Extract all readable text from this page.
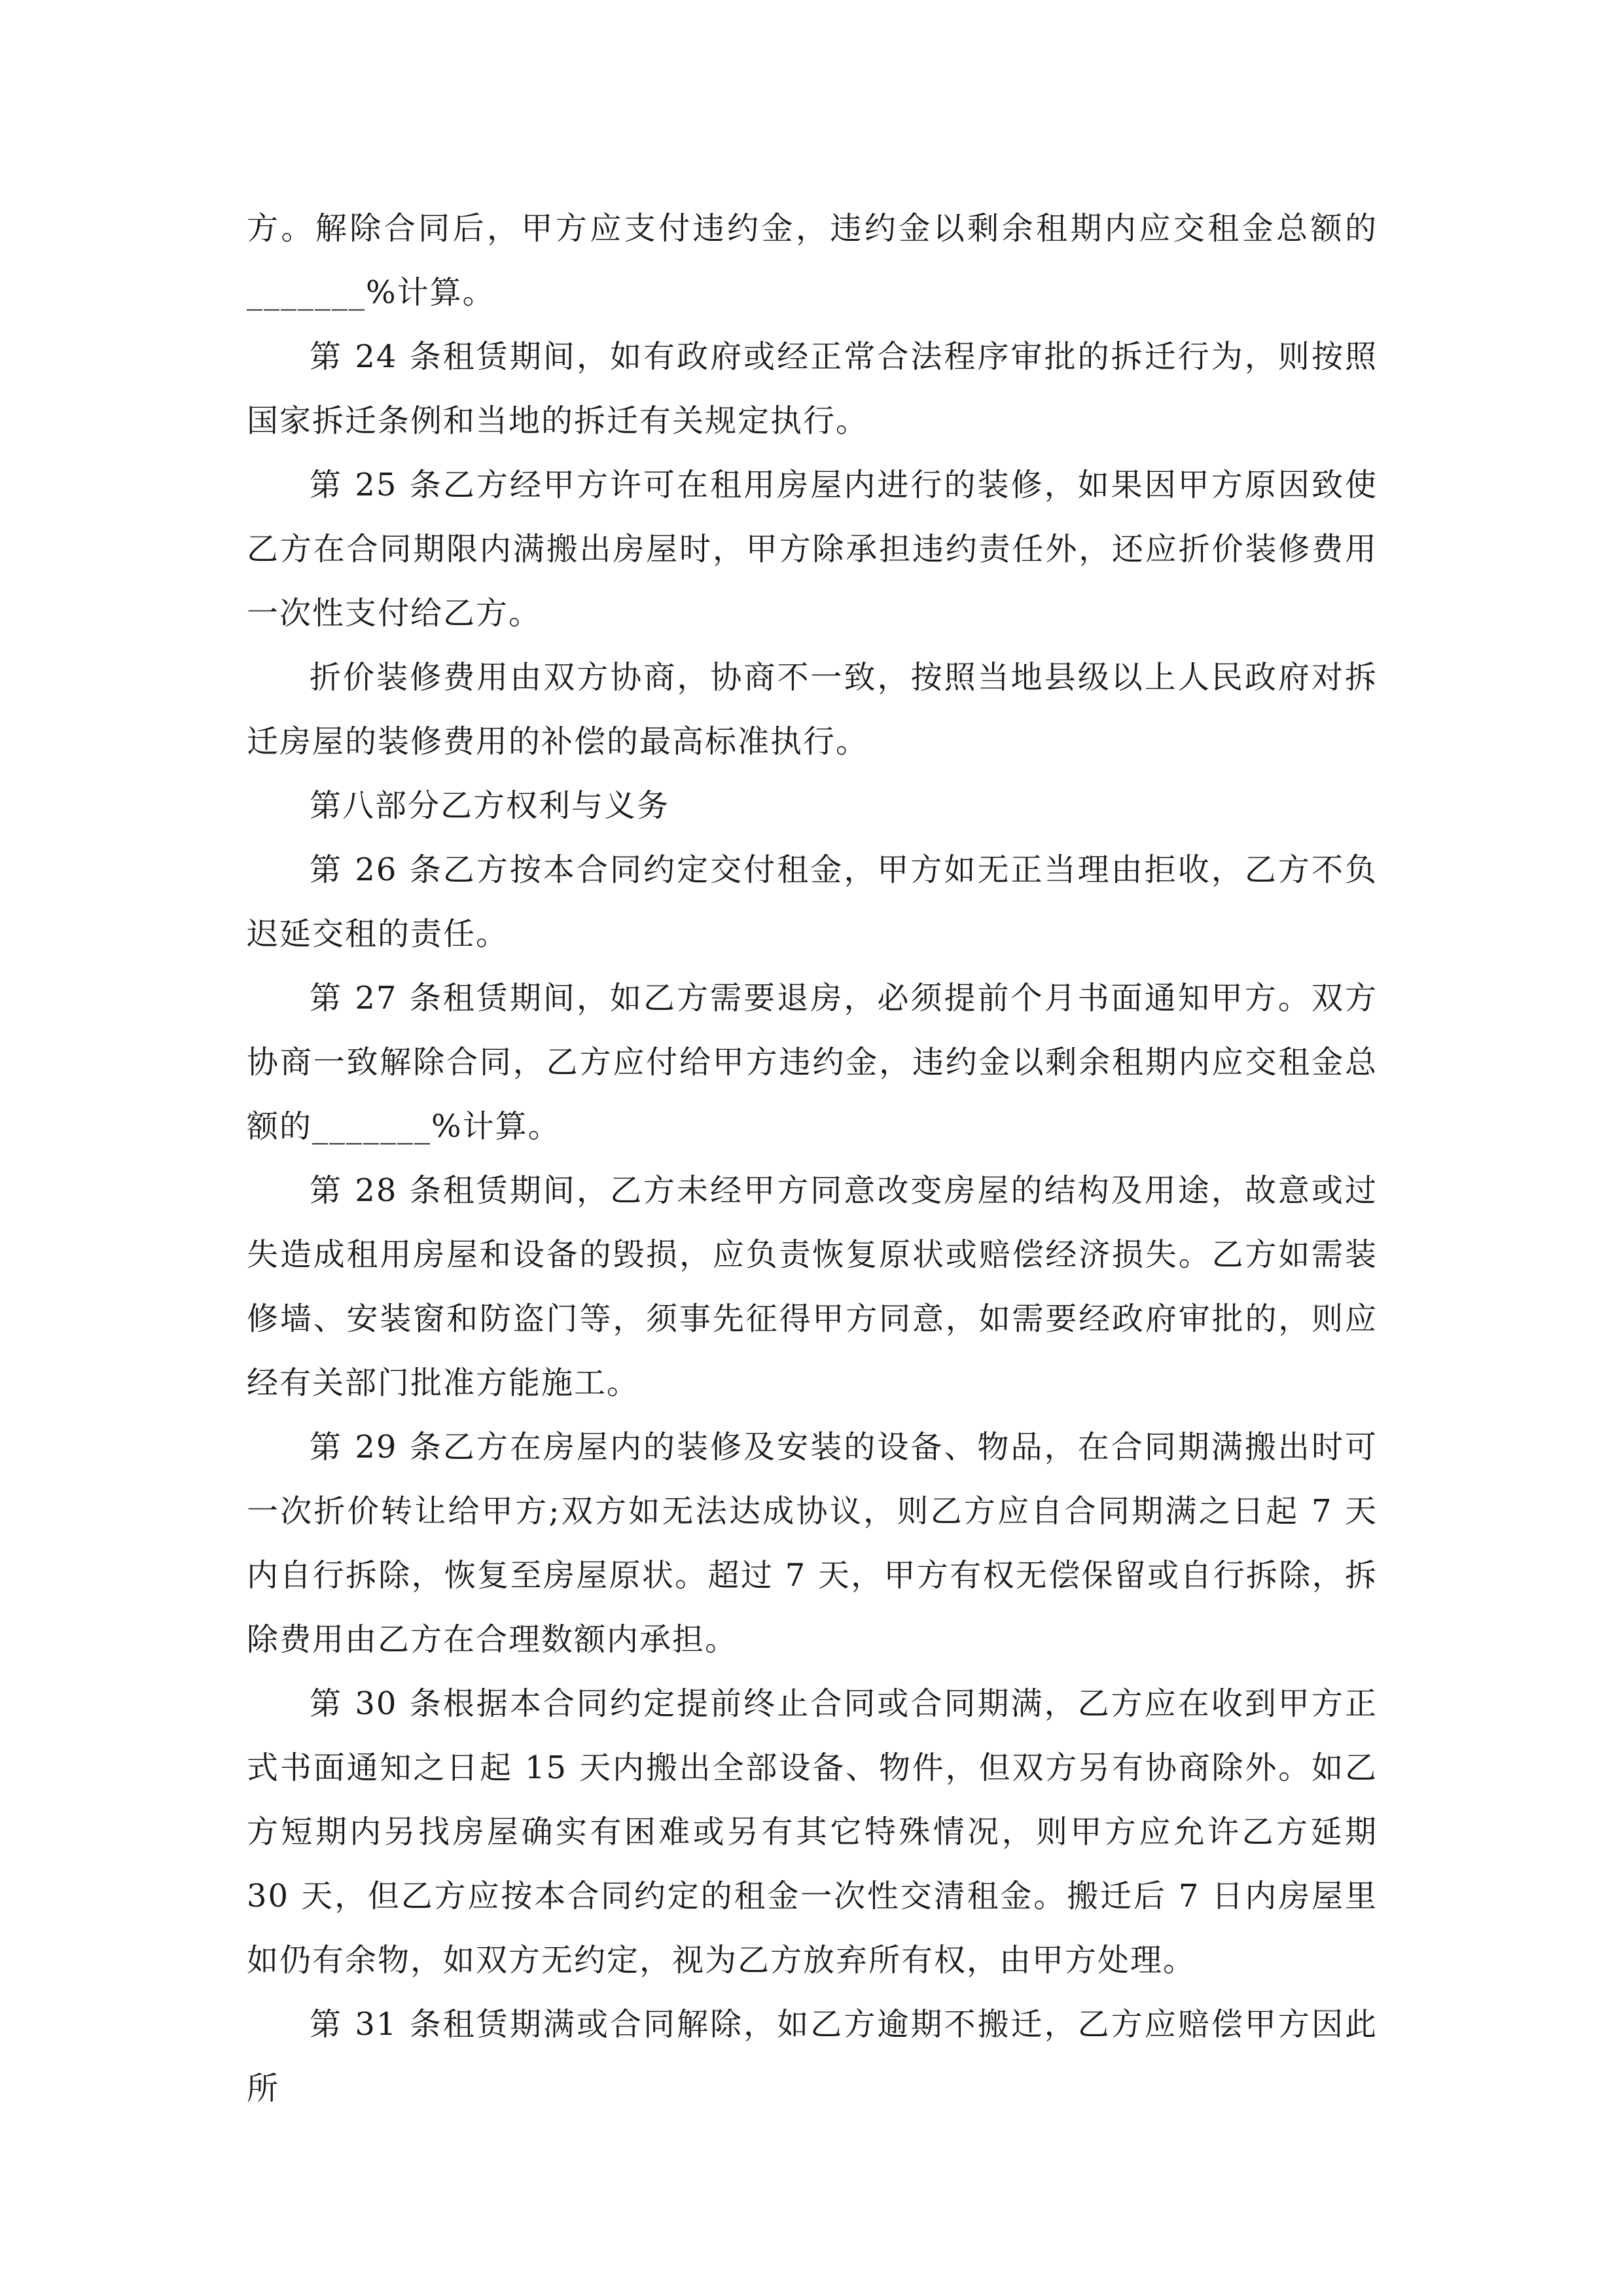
方。解除合同后，甲方应支付违约金，违约金以剩余租期内应交租金总额的_______%计算。

第 24 条租赁期间，如有政府或经正常合法程序审批的拆迁行为，则按照国家拆迁条例和当地的拆迁有关规定执行。

第 25 条乙方经甲方许可在租用房屋内进行的装修，如果因甲方原因致使乙方在合同期限内满搬出房屋时，甲方除承担违约责任外，还应折价装修费用一次性支付给乙方。

折价装修费用由双方协商，协商不一致，按照当地县级以上人民政府对拆迁房屋的装修费用的补偿的最高标准执行。

第八部分乙方权利与义务

第 26 条乙方按本合同约定交付租金，甲方如无正当理由拒收，乙方不负迟延交租的责任。

第 27 条租赁期间，如乙方需要退房，必须提前个月书面通知甲方。双方协商一致解除合同，乙方应付给甲方违约金，违约金以剩余租期内应交租金总额的_______%计算。

第 28 条租赁期间，乙方未经甲方同意改变房屋的结构及用途，故意或过失造成租用房屋和设备的毁损，应负责恢复原状或赔偿经济损失。乙方如需装修墙、安装窗和防盗门等，须事先征得甲方同意，如需要经政府审批的，则应经有关部门批准方能施工。

第 29 条乙方在房屋内的装修及安装的设备、物品，在合同期满搬出时可一次折价转让给甲方;双方如无法达成协议，则乙方应自合同期满之日起 7 天内自行拆除，恢复至房屋原状。超过 7 天，甲方有权无偿保留或自行拆除，拆除费用由乙方在合理数额内承担。

第 30 条根据本合同约定提前终止合同或合同期满，乙方应在收到甲方正式书面通知之日起 15 天内搬出全部设备、物件，但双方另有协商除外。如乙方短期内另找房屋确实有困难或另有其它特殊情况，则甲方应允许乙方延期 30 天，但乙方应按本合同约定的租金一次性交清租金。搬迁后 7 日内房屋里如仍有余物，如双方无约定，视为乙方放弃所有权，由甲方处理。

第 31 条租赁期满或合同解除，如乙方逾期不搬迁，乙方应赔偿甲方因此所
